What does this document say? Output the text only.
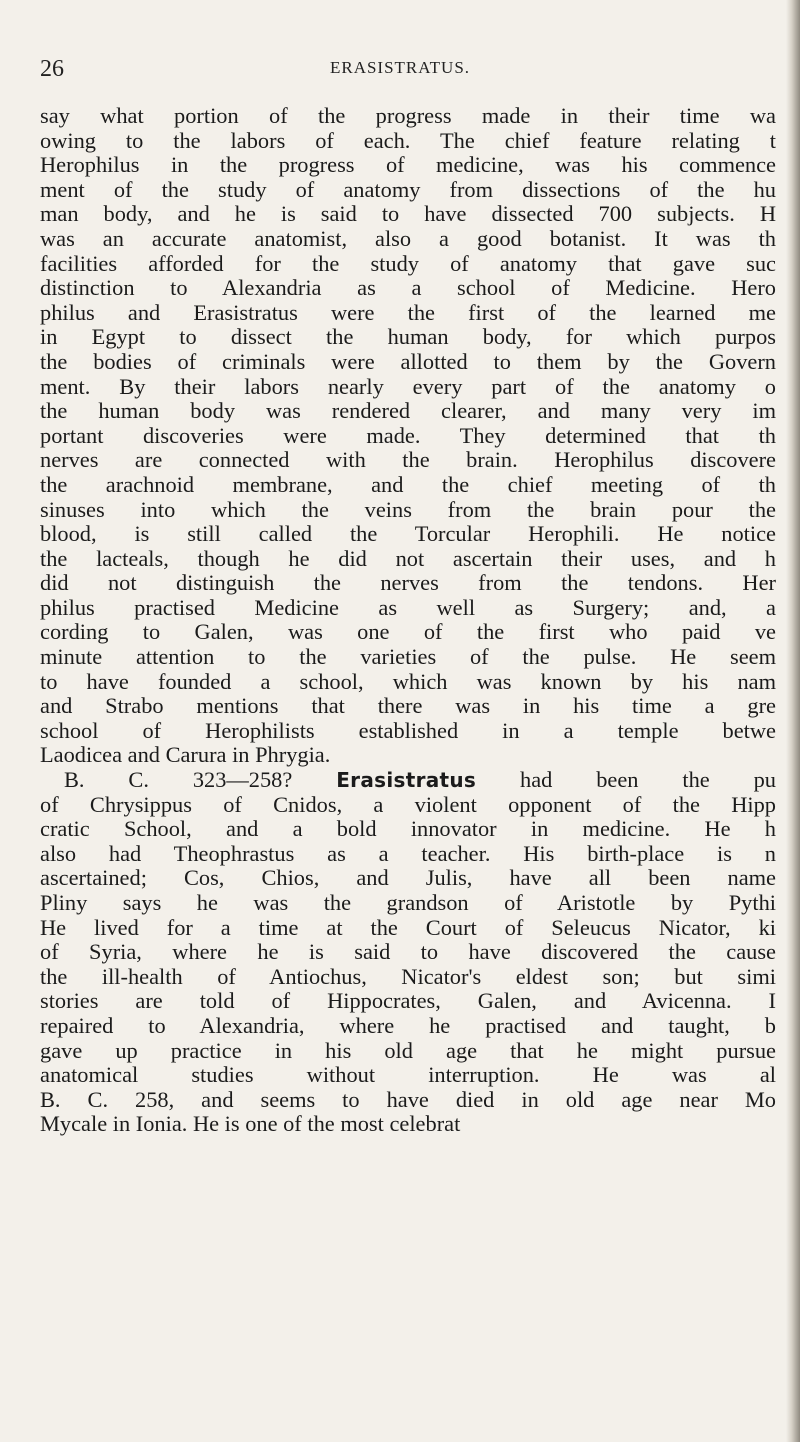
26	ERASISTRATUS.
say what portion of the progress made in their time wa
owing to the labors of each. The chief feature relating t
Herophilus in the progress of medicine, was his commence
ment of the study of anatomy from dissections of the hu
man body, and he is said to have dissected 700 subjects. H
was an accurate anatomist, also a good botanist. It was th
facilities afforded for the study of anatomy that gave suc
distinction to Alexandria as a school of Medicine. Hero
philus and Erasistratus were the first of the learned me
in Egypt to dissect the human body, for which purpos
the bodies of criminals were allotted to them by the Govern
ment. By their labors nearly every part of the anatomy o
the human body was rendered clearer, and many very im
portant discoveries were made. They determined that th
nerves are connected with the brain. Herophilus discovere
the arachnoid membrane, and the chief meeting of th
sinuses into which the veins from the brain pour the
blood, is still called the Torcular Herophili. He notice
the lacteals, though he did not ascertain their uses, and h
did not distinguish the nerves from the tendons. Her
philus practised Medicine as well as Surgery; and, a
cording to Galen, was one of the first who paid ve
minute attention to the varieties of the pulse. He seem
to have founded a school, which was known by his nam
and Strabo mentions that there was in his time a gre
school of Herophilists established in a temple betwe
Laodicea and Carura in Phrygia.
B. C. 323—258? Erasistratus had been the pu
of Chrysippus of Cnidos, a violent opponent of the Hipp
cratic School, and a bold innovator in medicine. He h
also had Theophrastus as a teacher. His birth-place is n
ascertained; Cos, Chios, and Julis, have all been name
Pliny says he was the grandson of Aristotle by Pythi
He lived for a time at the Court of Seleucus Nicator, ki
of Syria, where he is said to have discovered the cause
the ill-health of Antiochus, Nicator's eldest son; but simi
stories are told of Hippocrates, Galen, and Avicenna. I
repaired to Alexandria, where he practised and taught, b
gave up practice in his old age that he might pursue
anatomical studies without interruption. He was al
B. C. 258, and seems to have died in old age near Mo
Mycale in Ionia. He is one of the most celebrat
